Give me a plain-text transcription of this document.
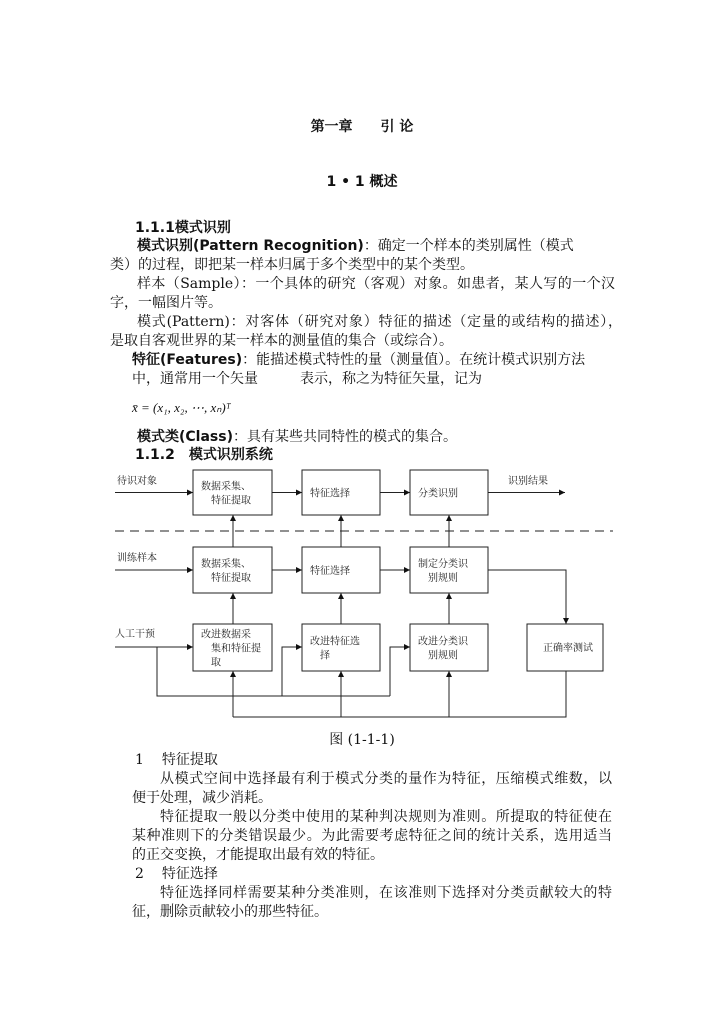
第一章　　引 论
1 • 1 概述
1.1.1模式识别
模式识别(Pattern Recognition)：确定一个样本的类别属性（模式
类）的过程，即把某一样本归属于多个类型中的某个类型。
样本（Sample）：一个具体的研究（客观）对象。如患者，某人写的一个汉
字，一幅图片等。
模式(Pattern)：对客体（研究对象）特征的描述（定量的或结构的描述），
是取自客观世界的某一样本的测量值的集合（或综合）。
特征(Features)：能描述模式特性的量（测量值）。在统计模式识别方法
中，通常用一个矢量　　　表示，称之为特征矢量，记为
x̄ = (x₁, x₂, ⋯, xₙ)ᵀ
模式类(Class)：具有某些共同特性的模式的集合。
1.1.2　模式识别系统
数据采集、
特征提取
特征选择	分类识别
数据采集、
特征提取
特征选择
制定分类识
别规则
改进数据采
集和特征提
取
改进特征选
择
改进分类识
别规则
正确率测试
待识对象
训练样本
人工干预
识别结果
图 (1-1-1)
1 特征提取
从模式空间中选择最有利于模式分类的量作为特征，压缩模式维数，以
便于处理，减少消耗。
特征提取一般以分类中使用的某种判决规则为准则。所提取的特征使在
某种准则下的分类错误最少。为此需要考虑特征之间的统计关系，选用适当
的正交变换，才能提取出最有效的特征。
2 特征选择
特征选择同样需要某种分类准则，在该准则下选择对分类贡献较大的特
征，删除贡献较小的那些特征。
